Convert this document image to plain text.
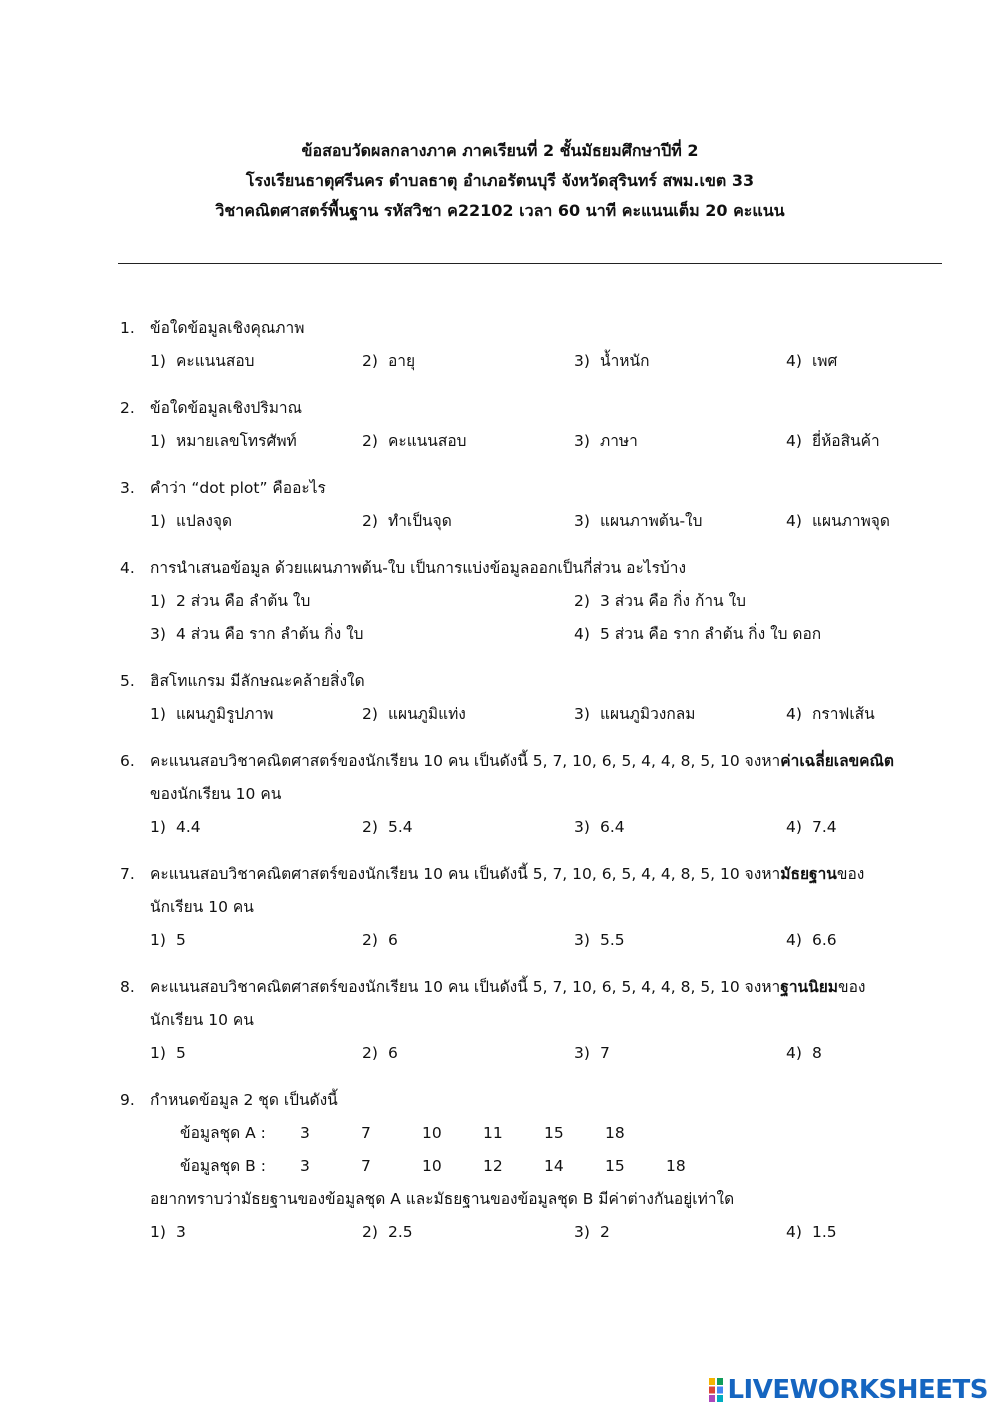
ข้อสอบวัดผลกลางภาค ภาคเรียนที่ 2 ชั้นมัธยมศึกษาปีที่ 2
โรงเรียนธาตุศรีนคร ตำบลธาตุ อำเภอรัตนบุรี จังหวัดสุรินทร์ สพม.เขต 33
วิชาคณิตศาสตร์พื้นฐาน รหัสวิชา ค22102 เวลา 60 นาที คะแนนเต็ม 20 คะแนน
1. ข้อใดข้อมูลเชิงคุณภาพ
1) คะแนนสอบ	2) อายุ	3) น้ำหนัก	4) เพศ
2. ข้อใดข้อมูลเชิงปริมาณ
1) หมายเลขโทรศัพท์	2) คะแนนสอบ	3) ภาษา	4) ยี่ห้อสินค้า
3. คำว่า “dot plot” คืออะไร
1) แปลงจุด	2) ทำเป็นจุด	3) แผนภาพต้น-ใบ	4) แผนภาพจุด
4. การนำเสนอข้อมูล ด้วยแผนภาพต้น-ใบ เป็นการแบ่งข้อมูลออกเป็นกี่ส่วน อะไรบ้าง
1) 2 ส่วน คือ ลำต้น ใบ	2) 3 ส่วน คือ กิ่ง ก้าน ใบ
3) 4 ส่วน คือ ราก ลำต้น กิ่ง ใบ	4) 5 ส่วน คือ ราก ลำต้น กิ่ง ใบ ดอก
5. ฮิสโทแกรม มีลักษณะคล้ายสิ่งใด
1) แผนภูมิรูปภาพ	2) แผนภูมิแท่ง	3) แผนภูมิวงกลม	4) กราฟเส้น
6. คะแนนสอบวิชาคณิตศาสตร์ของนักเรียน 10 คน เป็นดังนี้ 5, 7, 10, 6, 5, 4, 4, 8, 5, 10 จงหาค่าเฉลี่ยเลขคณิต
ของนักเรียน 10 คน
1) 4.4	2) 5.4	3) 6.4	4) 7.4
7. คะแนนสอบวิชาคณิตศาสตร์ของนักเรียน 10 คน เป็นดังนี้ 5, 7, 10, 6, 5, 4, 4, 8, 5, 10 จงหามัธยฐานของ
นักเรียน 10 คน
1) 5	2) 6	3) 5.5	4) 6.6
8. คะแนนสอบวิชาคณิตศาสตร์ของนักเรียน 10 คน เป็นดังนี้ 5, 7, 10, 6, 5, 4, 4, 8, 5, 10 จงหาฐานนิยมของ
นักเรียน 10 คน
1) 5	2) 6	3) 7	4) 8
9. กำหนดข้อมูล 2 ชุด เป็นดังนี้
ข้อมูลชุด A :	3	7	10	11	15	18
ข้อมูลชุด B :	3	7	10	12	14	15	18
อยากทราบว่ามัธยฐานของข้อมูลชุด A และมัธยฐานของข้อมูลชุด B มีค่าต่างกันอยู่เท่าใด
1) 3	2) 2.5	3) 2	4) 1.5
LIVEWORKSHEETS
